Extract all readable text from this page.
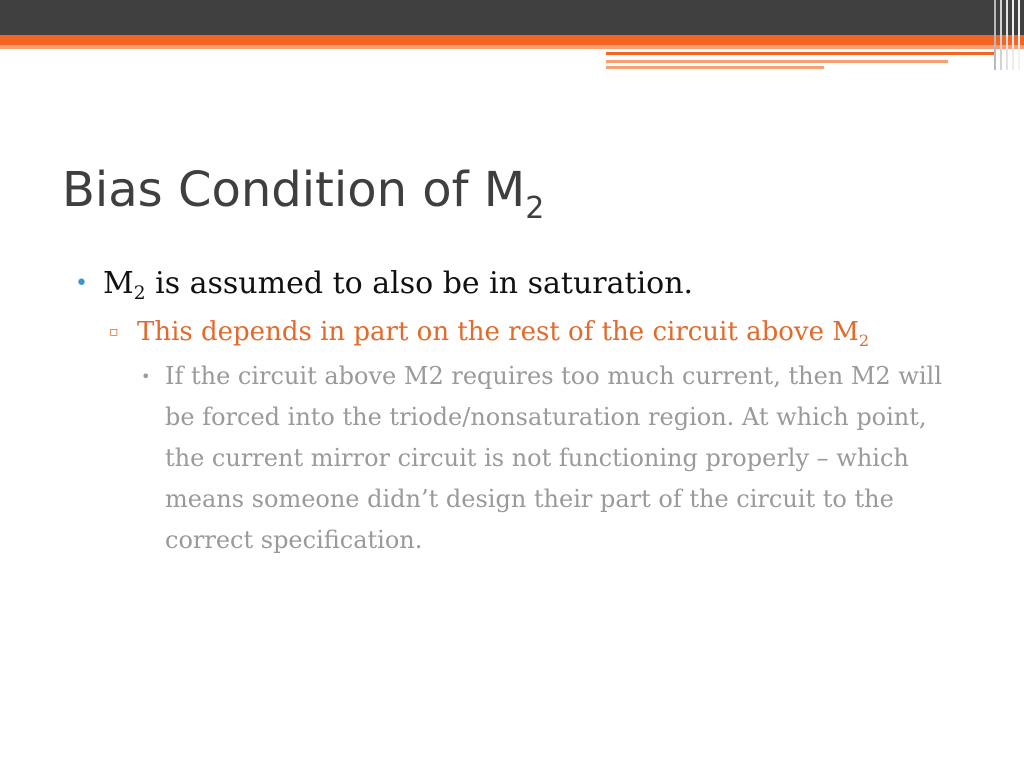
Bias Condition of $M_2$
• $M_2$ is assumed to also be in saturation.
▫ This depends in part on the rest of the circuit above $M_2$
• If the circuit above M2 requires too much current, then M2 will be forced into the triode/nonsaturation region. At which point, the current mirror circuit is not functioning properly – which means someone didn’t design their part of the circuit to the correct specification.
